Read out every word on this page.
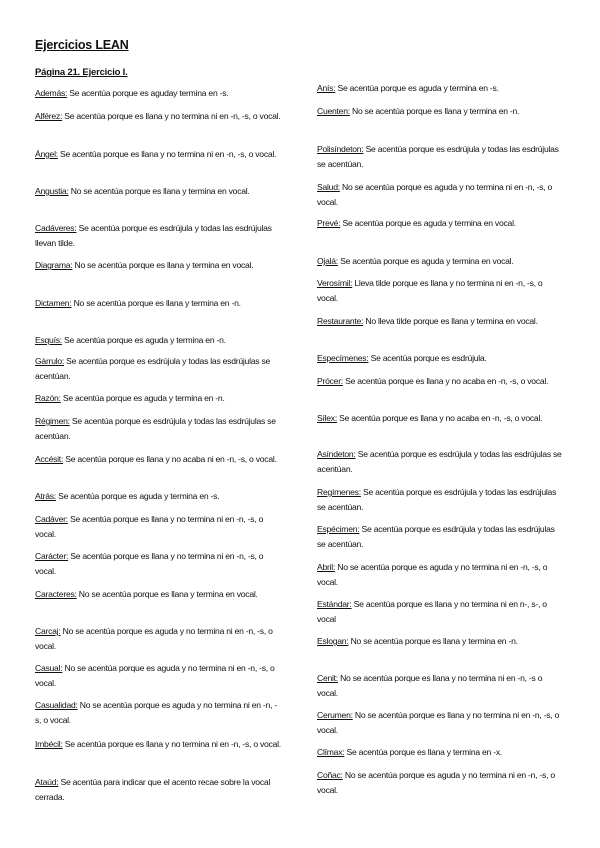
Ejercicios LEAN
Página 21. Ejercicio I.
Además: Se acentúa porque es aguday termina en -s.
Alférez: Se acentúa porque es llana y no termina ni en -n, -s, o vocal.
Ángel: Se acentúa porque es llana y no termina ni en -n, -s, o vocal.
Angustia: No se acentúa porque es llana y termina en vocal.
Cadáveres: Se acentúa porque es esdrújula y todas las esdrújulas llevan tilde.
Diagrama: No se acentúa porque es llana y termina en vocal.
Dictamen: No se acentúa porque es llana y termina en -n.
Esquís: Se acentúa porque es aguda y termina en -n.
Gárrulo: Se acentúa porque es esdrújula y todas las esdrújulas se acentúan.
Razón: Se acentúa porque es aguda y termina en -n.
Régimen: Se acentúa porque es esdrújula y todas las esdrújulas se acentúan.
Accésit: Se acentúa porque es llana y no acaba ni en -n, -s, o vocal.
Atrás: Se acentúa porque es aguda y termina en -s.
Cadáver: Se acentúa porque es llana y no termina ni en -n, -s, o vocal.
Carácter: Se acentúa porque es llana y no termina ni en -n, -s, o vocal.
Caracteres: No se acentúa porque es llana y termina en vocal.
Carcaj: No se acentúa porque es aguda y no termina ni en -n, -s, o vocal.
Casual: No se acentúa porque es aguda y no termina ni en -n, -s, o vocal.
Casualidad: No se acentúa porque es aguda y no termina ni en -n, -s, o vocal.
Imbécil: Se acentúa porque es llana y no termina ni en -n, -s, o vocal.
Ataúd: Se acentúa para indicar que el acento recae sobre la vocal cerrada.
Anís: Se acentúa porque es aguda y termina en -s.
Cuenten: No se acentúa porque es llana y termina en -n.
Polisíndeton: Se acentúa porque es esdrújula y todas las esdrújulas se acentúan.
Salud: No se acentúa porque es aguda y no termina ni en -n, -s, o vocal.
Prevé: Se acentúa porque es aguda y termina en vocal.
Ojalá: Se acentúa porque es aguda y termina en vocal.
Verosímil: Lleva tilde porque es llana y no termina ni en -n, -s, o vocal.
Restaurante: No lleva tilde porque es llana y termina en vocal.
Especímenes: Se acentúa porque es esdrújula.
Prócer: Se acentúa porque es llana y no acaba en -n, -s, o vocal.
Sílex: Se acentúa porque es llana y no acaba en -n, -s, o vocal.
Asíndeton: Se acentúa porque es esdrújula y todas las esdrújulas se acentúan.
Regímenes: Se acentúa porque es esdrújula y todas las esdrújulas se acentúan.
Espécimen: Se acentúa porque es esdrújula y todas las esdrújulas se acentúan.
Abril: No se acentúa porque es aguda y no termina ni en -n, -s, o vocal.
Estándar: Se acentúa porque es llana y no termina ni en n-, s-, o vocal
Eslogan: No se acentúa porque es llana y termina en -n.
Cenit: No se acentúa porque es llana y no termina ni en -n, -s o vocal.
Cerumen: No se acentúa porque es llana y no termina ni en -n, -s, o vocal.
Clímax: Se acentúa porque es llana y termina en -x.
Coñac: No se acentúa porque es aguda y no termina ni en -n, -s, o vocal.
